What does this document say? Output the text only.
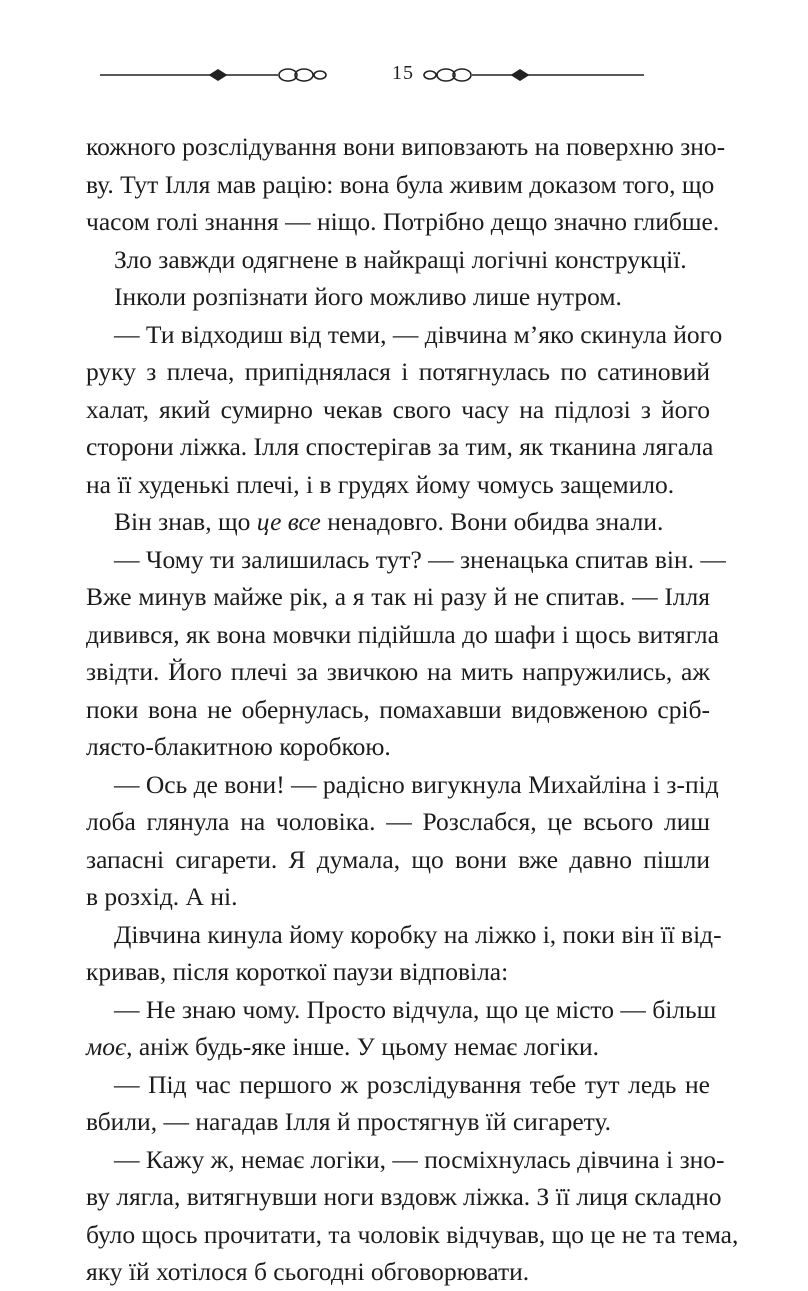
15
кожного розслідування вони виповзають на поверхню зно-
ву. Тут Ілля мав рацію: вона була живим доказом того, що
часом голі знання — ніщо. Потрібно дещо значно глибше.
Зло завжди одягнене в найкращі логічні конструкції.
Інколи розпізнати його можливо лише нутром.
— Ти відходиш від теми, — дівчина м’яко скинула його
руку з плеча, припіднялася і потягнулась по сатиновий
халат, який сумирно чекав свого часу на підлозі з його
сторони ліжка. Ілля спостерігав за тим, як тканина лягала
на її худенькі плечі, і в грудях йому чомусь защемило.
Він знав, що це все ненадовго. Вони обидва знали.
— Чому ти залишилась тут? — зненацька спитав він. —
Вже минув майже рік, а я так ні разу й не спитав. — Ілля
дивився, як вона мовчки підійшла до шафи і щось витягла
звідти. Його плечі за звичкою на мить напружились, аж
поки вона не обернулась, помахавши видовженою сріб-
лясто-блакитною коробкою.
— Ось де вони! — радісно вигукнула Михайліна і з-під
лоба глянула на чоловіка. — Розслабся, це всього лиш
запасні сигарети. Я думала, що вони вже давно пішли
в розхід. А ні.
Дівчина кинула йому коробку на ліжко і, поки він її від-
кривав, після короткої паузи відповіла:
— Не знаю чому. Просто відчула, що це місто — більш
моє, аніж будь-яке інше. У цьому немає логіки.
— Під час першого ж розслідування тебе тут ледь не
вбили, — нагадав Ілля й простягнув їй сигарету.
— Кажу ж, немає логіки, — посміхнулась дівчина і зно-
ву лягла, витягнувши ноги вздовж ліжка. З її лиця складно
було щось прочитати, та чоловік відчував, що це не та тема,
яку їй хотілося б сьогодні обговорювати.
